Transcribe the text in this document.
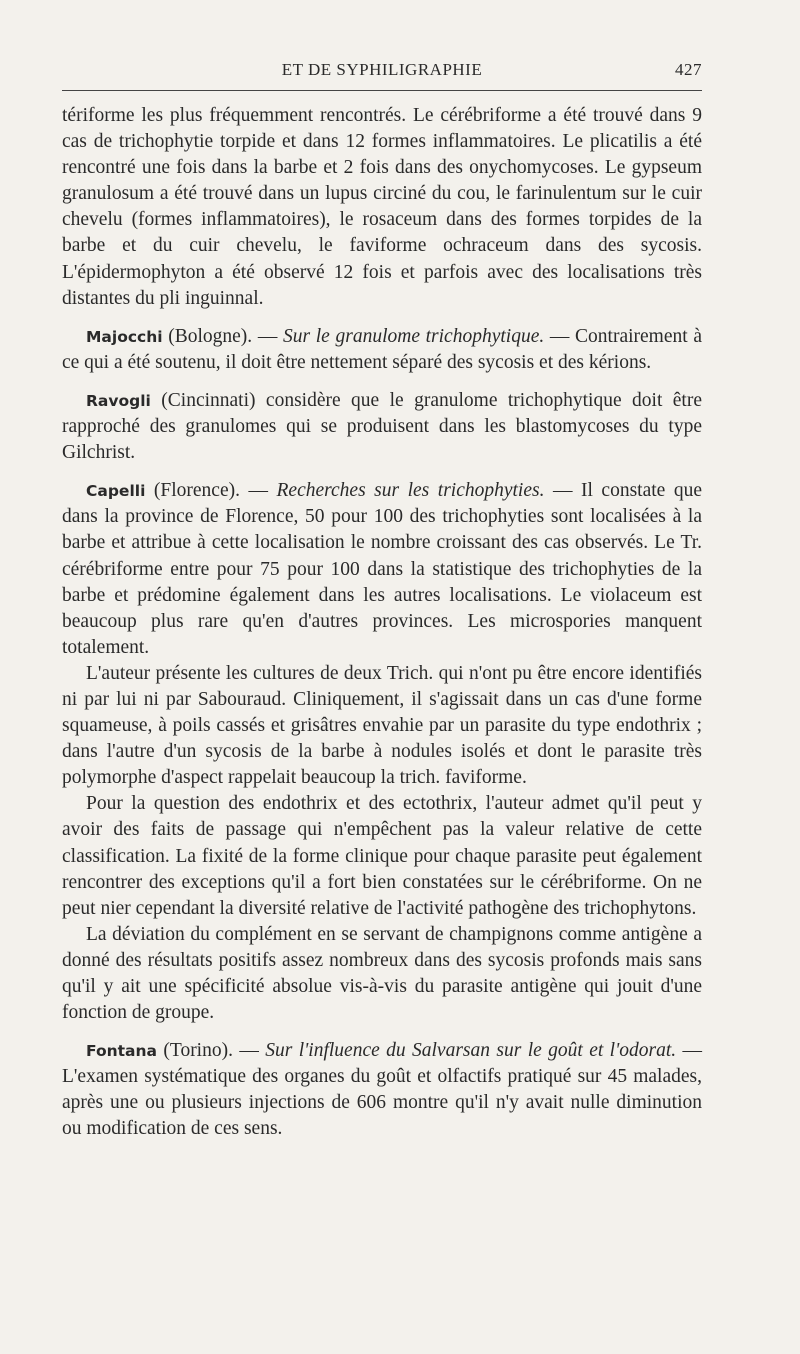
ET DE SYPHILIGRAPHIE	427

tériforme les plus fréquemment rencontrés. Le cérébriforme a été trouvé dans 9 cas de trichophytie torpide et dans 12 formes inflammatoires. Le plicatilis a été rencontré une fois dans la barbe et 2 fois dans des onychomycoses. Le gypseum granulosum a été trouvé dans un lupus circiné du cou, le farinulentum sur le cuir chevelu (formes inflammatoires), le rosaceum dans des formes torpides de la barbe et du cuir chevelu, le faviforme ochraceum dans des sycosis. L'épidermophyton a été observé 12 fois et parfois avec des localisations très distantes du pli inguinnal.

Majocchi (Bologne). — Sur le granulome trichophytique. — Contrairement à ce qui a été soutenu, il doit être nettement séparé des sycosis et des kérions.

Ravogli (Cincinnati) considère que le granulome trichophytique doit être rapproché des granulomes qui se produisent dans les blastomycoses du type Gilchrist.

Capelli (Florence). — Recherches sur les trichophyties. — Il constate que dans la province de Florence, 50 pour 100 des trichophyties sont localisées à la barbe et attribue à cette localisation le nombre croissant des cas observés. Le Tr. cérébriforme entre pour 75 pour 100 dans la statistique des trichophyties de la barbe et prédomine également dans les autres localisations. Le violaceum est beaucoup plus rare qu'en d'autres provinces. Les microspories manquent totalement.

L'auteur présente les cultures de deux Trich. qui n'ont pu être encore identifiés ni par lui ni par Sabouraud. Cliniquement, il s'agissait dans un cas d'une forme squameuse, à poils cassés et grisâtres envahie par un parasite du type endothrix ; dans l'autre d'un sycosis de la barbe à nodules isolés et dont le parasite très polymorphe d'aspect rappelait beaucoup la trich. faviforme.

Pour la question des endothrix et des ectothrix, l'auteur admet qu'il peut y avoir des faits de passage qui n'empêchent pas la valeur relative de cette classification. La fixité de la forme clinique pour chaque parasite peut également rencontrer des exceptions qu'il a fort bien constatées sur le cérébriforme. On ne peut nier cependant la diversité relative de l'activité pathogène des trichophytons.

La déviation du complément en se servant de champignons comme antigène a donné des résultats positifs assez nombreux dans des sycosis profonds mais sans qu'il y ait une spécificité absolue vis-à-vis du parasite antigène qui jouit d'une fonction de groupe.

Fontana (Torino). — Sur l'influence du Salvarsan sur le goût et l'odorat. — L'examen systématique des organes du goût et olfactifs pratiqué sur 45 malades, après une ou plusieurs injections de 606 montre qu'il n'y avait nulle diminution ou modification de ces sens.
